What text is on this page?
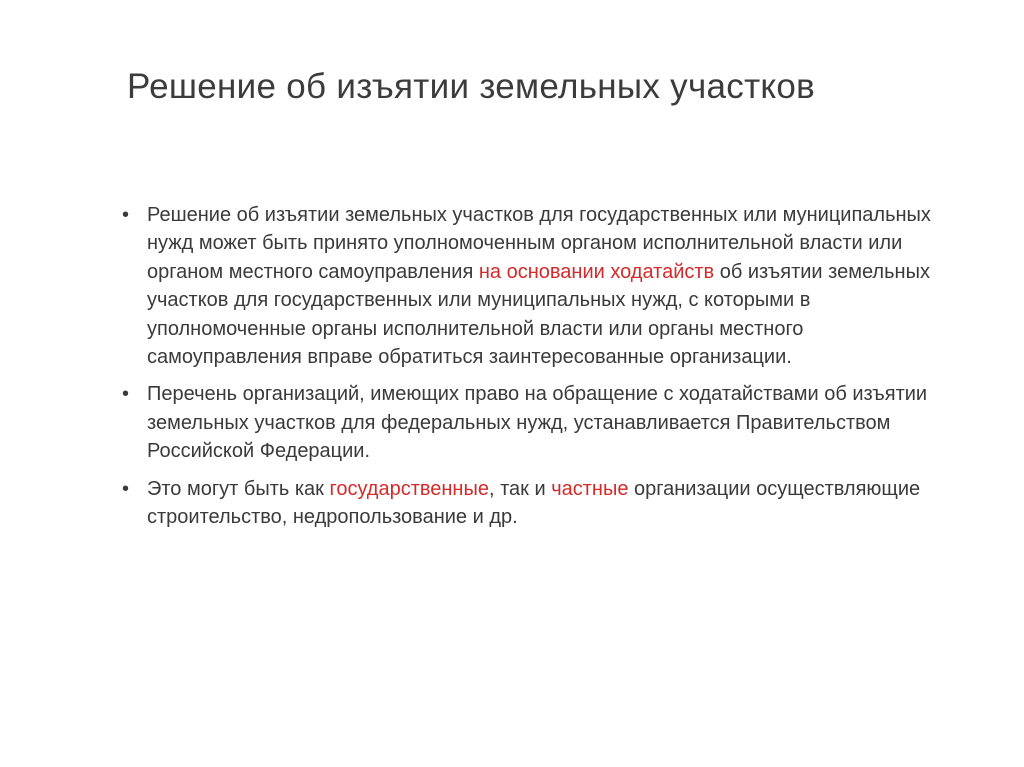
Решение об изъятии земельных участков
• Решение об изъятии земельных участков для государственных или муниципальных нужд может быть принято уполномоченным органом исполнительной власти или органом местного самоуправления на основании ходатайств об изъятии земельных участков для государственных или муниципальных нужд, с которыми в уполномоченные органы исполнительной власти или органы местного самоуправления вправе обратиться заинтересованные организации.
• Перечень организаций, имеющих право на обращение с ходатайствами об изъятии земельных участков для федеральных нужд, устанавливается Правительством Российской Федерации.
• Это могут быть как государственные, так и частные организации осуществляющие строительство, недропользование и др.
